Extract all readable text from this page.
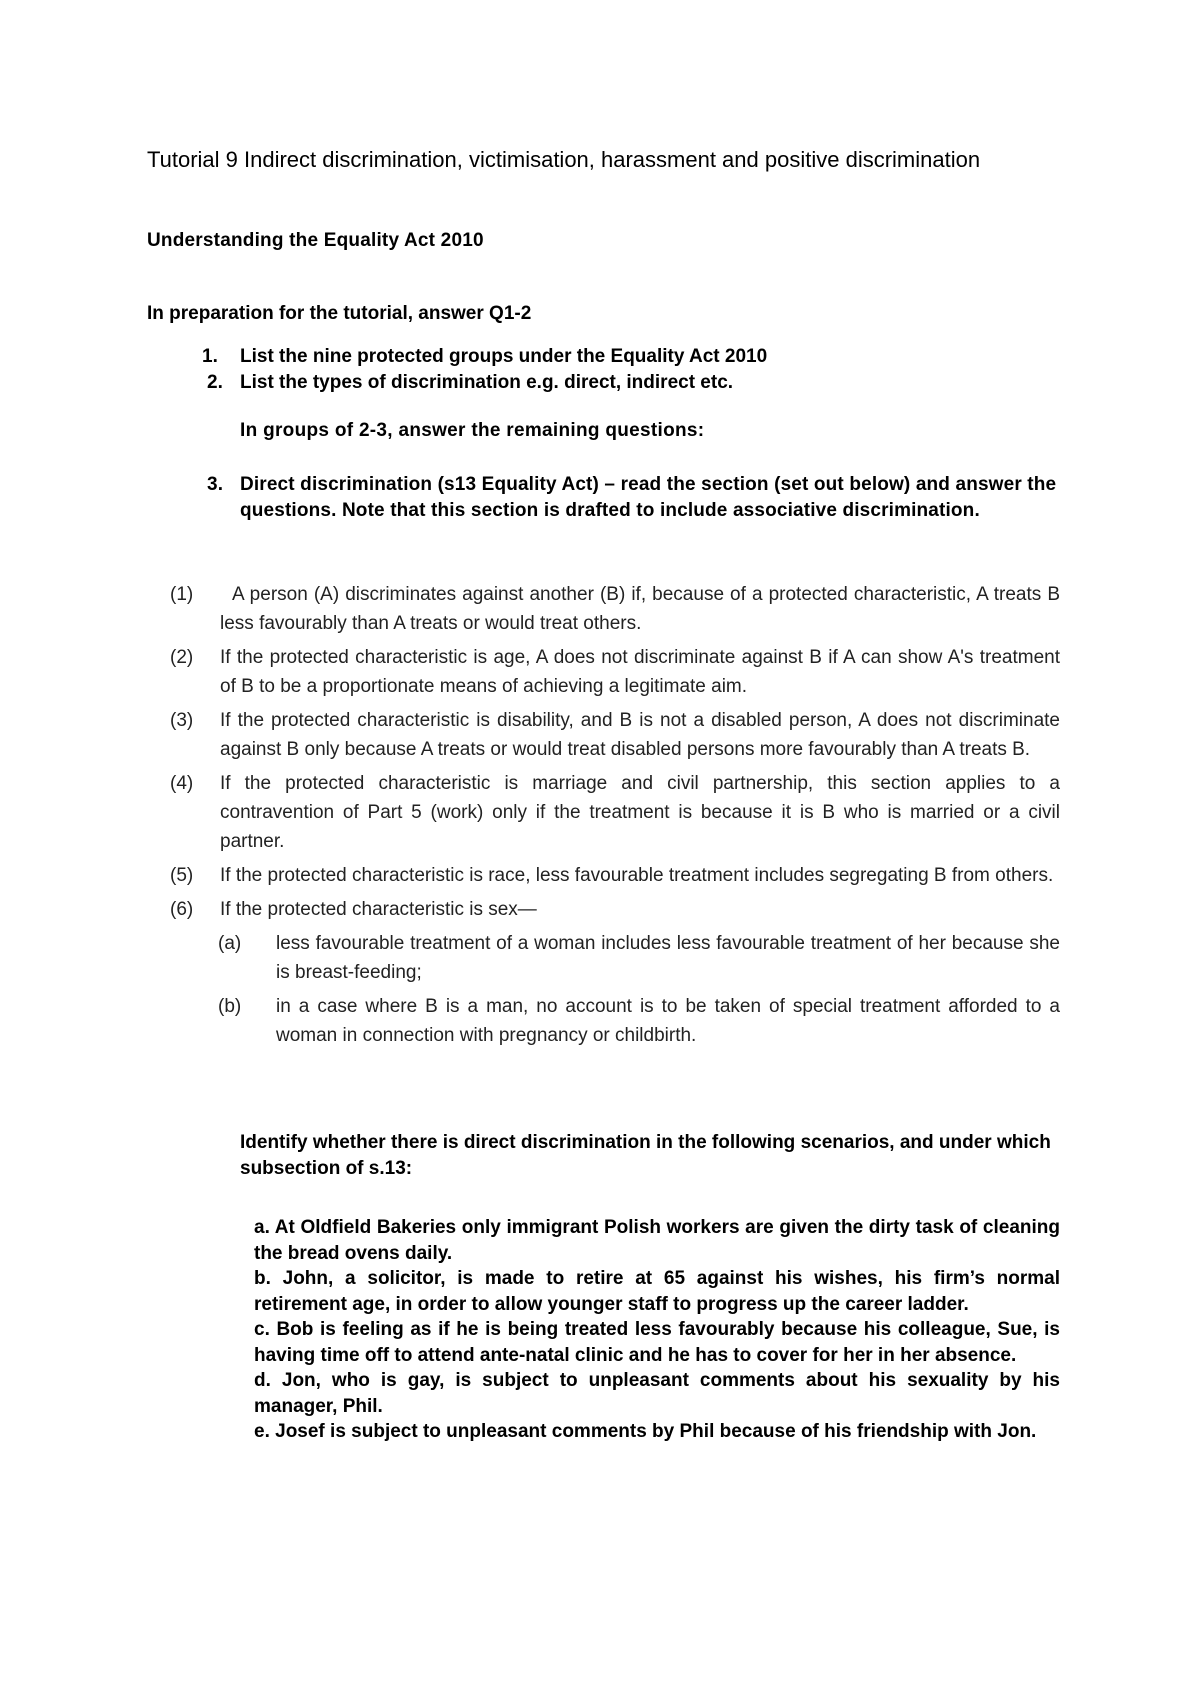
Tutorial 9 Indirect discrimination, victimisation, harassment and positive discrimination
Understanding the Equality Act 2010

In preparation for the tutorial, answer Q1-2

1. List the nine protected groups under the Equality Act 2010
2. List the types of discrimination e.g. direct, indirect etc.

In groups of 2-3, answer the remaining questions:

3. Direct discrimination (s13 Equality Act) – read the section (set out below) and answer the questions. Note that this section is drafted to include associative discrimination.
(1) A person (A) discriminates against another (B) if, because of a protected characteristic, A treats B less favourably than A treats or would treat others.
(2) If the protected characteristic is age, A does not discriminate against B if A can show A's treatment of B to be a proportionate means of achieving a legitimate aim.
(3) If the protected characteristic is disability, and B is not a disabled person, A does not discriminate against B only because A treats or would treat disabled persons more favourably than A treats B.
(4) If the protected characteristic is marriage and civil partnership, this section applies to a contravention of Part 5 (work) only if the treatment is because it is B who is married or a civil partner.
(5) If the protected characteristic is race, less favourable treatment includes segregating B from others.
(6) If the protected characteristic is sex—
(a)	less favourable treatment of a woman includes less favourable treatment of her because she is breast-feeding;
(b)	in a case where B is a man, no account is to be taken of special treatment afforded to a woman in connection with pregnancy or childbirth.

Identify whether there is direct discrimination in the following scenarios, and under which subsection of s.13:

a. At Oldfield Bakeries only immigrant Polish workers are given the dirty task of cleaning the bread ovens daily.

b. John, a solicitor, is made to retire at 65 against his wishes, his firm’s normal retirement age, in order to allow younger staff to progress up the career ladder.

c. Bob is feeling as if he is being treated less favourably because his colleague, Sue, is having time off to attend ante-natal clinic and he has to cover for her in her absence.

d. Jon, who is gay, is subject to unpleasant comments about his sexuality by his manager, Phil.

e. Josef is subject to unpleasant comments by Phil because of his friendship with Jon.
